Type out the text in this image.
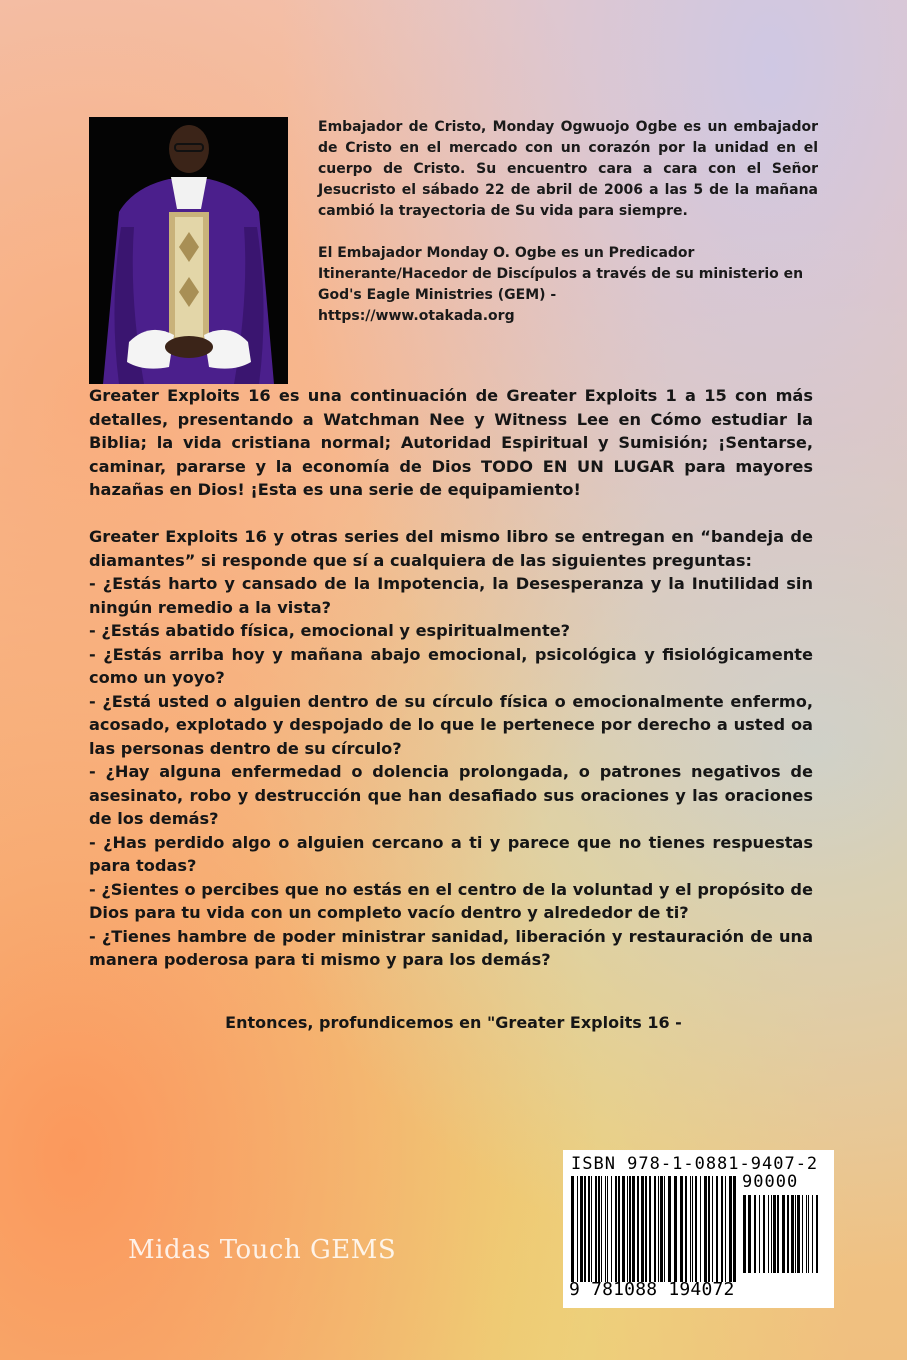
Embajador de Cristo, Monday Ogwuojo Ogbe es un embajador de Cristo en el mercado con un corazón por la unidad en el cuerpo de Cristo. Su encuentro cara a cara con el Señor Jesucristo el sábado 22 de abril de 2006 a las 5 de la mañana cambió la trayectoria de Su vida para siempre.

El Embajador Monday O. Ogbe es un Predicador Itinerante/Hacedor de Discípulos a través de su ministerio en God's Eagle Ministries (GEM) -
https://www.otakada.org

Greater Exploits 16 es una continuación de Greater Exploits 1 a 15 con más detalles, presentando a Watchman Nee y Witness Lee en Cómo estudiar la Biblia; la vida cristiana normal; Autoridad Espiritual y Sumisión; ¡Sentarse, caminar, pararse y la economía de Dios TODO EN UN LUGAR para mayores hazañas en Dios! ¡Esta es una serie de equipamiento!

Greater Exploits 16 y otras series del mismo libro se entregan en “bandeja de diamantes” si responde que sí a cualquiera de las siguientes preguntas:

- ¿Estás harto y cansado de la Impotencia, la Desesperanza y la Inutilidad sin ningún remedio a la vista?

- ¿Estás abatido física, emocional y espiritualmente?

- ¿Estás arriba hoy y mañana abajo emocional, psicológica y fisiológicamente como un yoyo?

- ¿Está usted o alguien dentro de su círculo física o emocionalmente enfermo, acosado, explotado y despojado de lo que le pertenece por derecho a usted oa las personas dentro de su círculo?

- ¿Hay alguna enfermedad o dolencia prolongada, o patrones negativos de asesinato, robo y destrucción que han desafiado sus oraciones y las oraciones de los demás?

- ¿Has perdido algo o alguien cercano a ti y parece que no tienes respuestas para todas?

- ¿Sientes o percibes que no estás en el centro de la voluntad y el propósito de Dios para tu vida con un completo vacío dentro y alrededor de ti?

- ¿Tienes hambre de poder ministrar sanidad, liberación y restauración de una manera poderosa para ti mismo y para los demás?

Entonces, profundicemos en "Greater Exploits 16 -
Midas Touch GEMS
ISBN 978-1-0881-9407-2
90000
9 781088 194072
